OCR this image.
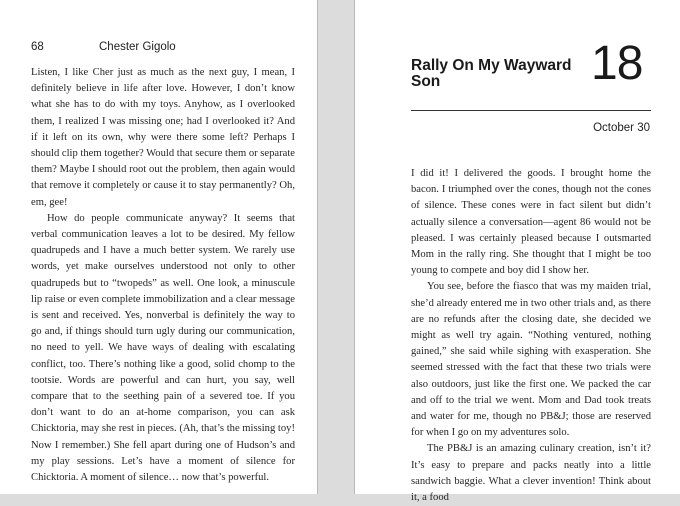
68	Chester Gigolo

Listen, I like Cher just as much as the next guy, I mean, I definitely believe in life after love. However, I don’t know what she has to do with my toys. Anyhow, as I overlooked them, I realized I was missing one; had I overlooked it? And if it left on its own, why were there some left? Perhaps I should clip them together? Would that secure them or separate them? Maybe I should root out the problem, then again would that remove it completely or cause it to stay permanently? Oh, em, gee!

How do people communicate anyway? It seems that verbal communication leaves a lot to be desired. My fellow quadrupeds and I have a much better system. We rarely use words, yet make ourselves understood not only to other quadrupeds but to “twopeds” as well. One look, a minuscule lip raise or even complete immobilization and a clear message is sent and received. Yes, nonverbal is definitely the way to go and, if things should turn ugly during our communication, no need to yell. We have ways of dealing with escalating conflict, too. There’s nothing like a good, solid chomp to the tootsie. Words are powerful and can hurt, you say, well compare that to the seething pain of a severed toe. If you don’t want to do an at-home comparison, you can ask Chicktoria, may she rest in pieces. (Ah, that’s the missing toy! Now I remember.) She fell apart during one of Hudson’s and my play sessions. Let’s have a moment of silence for Chicktoria. A moment of silence… now that’s powerful.

Rally On My Wayward Son	18
October 30

I did it! I delivered the goods. I brought home the bacon. I triumphed over the cones, though not the cones of silence. These cones were in fact silent but didn’t actually silence a conversation—agent 86 would not be pleased. I was certainly pleased because I outsmarted Mom in the rally ring. She thought that I might be too young to compete and boy did I show her.

You see, before the fiasco that was my maiden trial, she’d already entered me in two other trials and, as there are no refunds after the closing date, she decided we might as well try again. “Nothing ventured, nothing gained,” she said while sighing with exasperation. She seemed stressed with the fact that these two trials were also outdoors, just like the first one. We packed the car and off to the trial we went. Mom and Dad took treats and water for me, though no PB&J; those are reserved for when I go on my adventures solo.

The PB&J is an amazing culinary creation, isn’t it? It’s easy to prepare and packs neatly into a little sandwich baggie. What a clever invention! Think about it, a food
